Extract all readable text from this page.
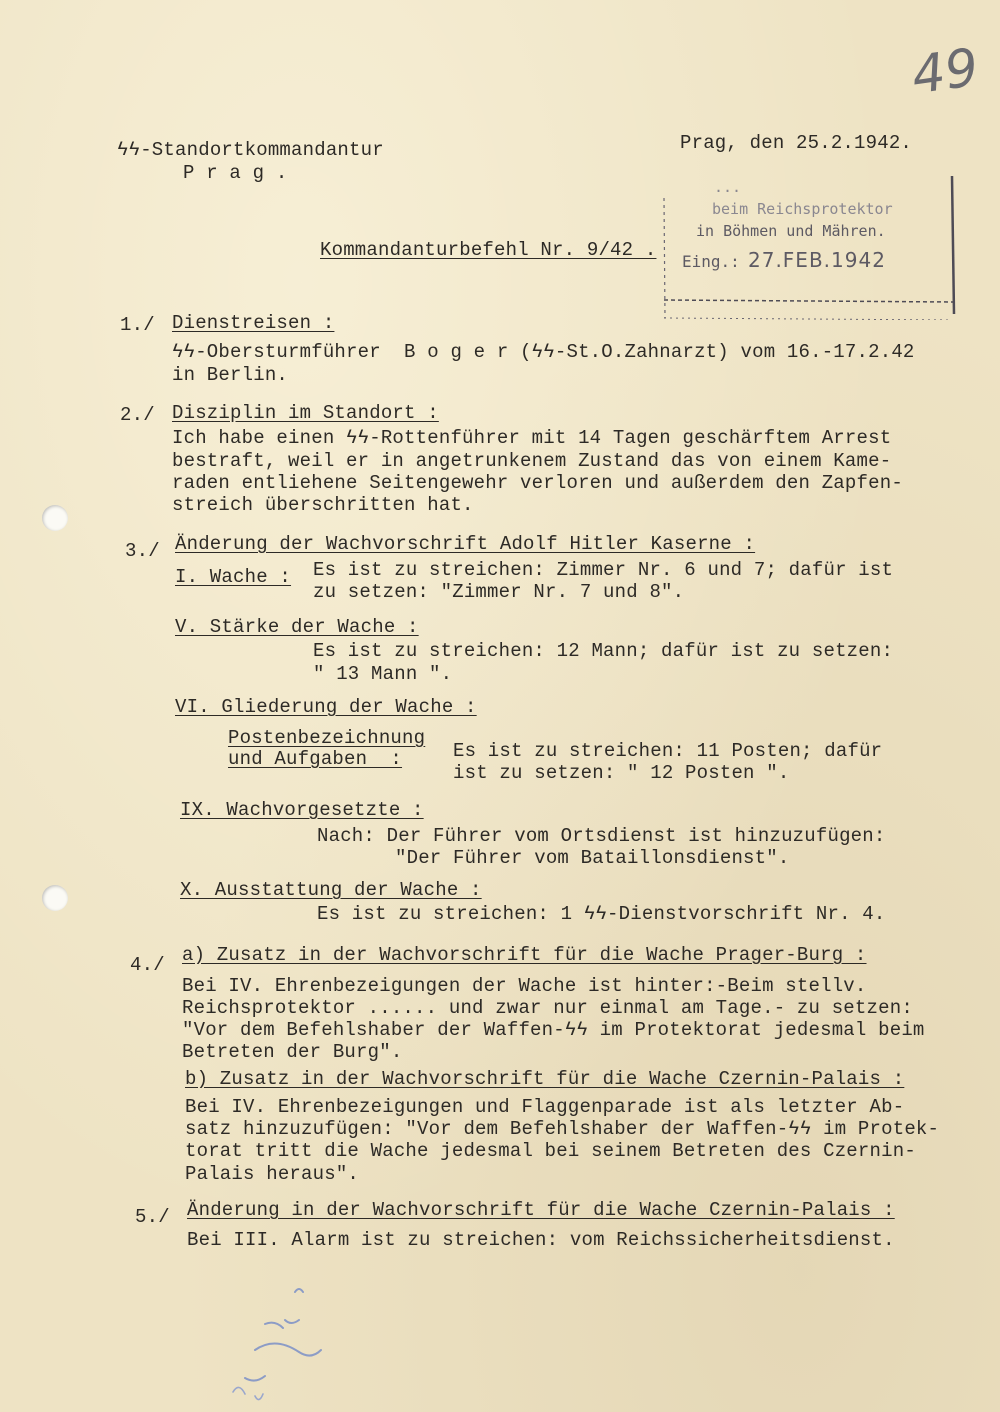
49
ϟϟ-Standortkommandantur
P r a g .
Prag, den 25.2.1942.
...
beim Reichsprotektor
in Böhmen und Mähren.
Eing.: 27.FEB.1942
Kommandanturbefehl Nr. 9/42 .
1./ Dienstreisen :
ϟϟ-Obersturmführer  B o g e r (ϟϟ-St.O.Zahnarzt) vom 16.-17.2.42
in Berlin.
2./ Disziplin im Standort :
Ich habe einen ϟϟ-Rottenführer mit 14 Tagen geschärftem Arrest
bestraft, weil er in angetrunkenem Zustand das von einem Kame-
raden entliehene Seitengewehr verloren und außerdem den Zapfen-
streich überschritten hat.
3./ Änderung der Wachvorschrift Adolf Hitler Kaserne :
I. Wache : Es ist zu streichen: Zimmer Nr. 6 und 7; dafür ist
zu setzen: "Zimmer Nr. 7 und 8".
V. Stärke der Wache :
Es ist zu streichen: 12 Mann; dafür ist zu setzen:
" 13 Mann ".
VI. Gliederung der Wache :
Postenbezeichnung
und Aufgaben  :	Es ist zu streichen: 11 Posten; dafür
ist zu setzen: " 12 Posten ".
IX. Wachvorgesetzte :
Nach: Der Führer vom Ortsdienst ist hinzuzufügen:
"Der Führer vom Bataillonsdienst".
X. Ausstattung der Wache :
Es ist zu streichen: 1 ϟϟ-Dienstvorschrift Nr. 4.
4./ a) Zusatz in der Wachvorschrift für die Wache Prager-Burg :
Bei IV. Ehrenbezeigungen der Wache ist hinter:-Beim stellv.
Reichsprotektor ...... und zwar nur einmal am Tage.- zu setzen:
"Vor dem Befehlshaber der Waffen-ϟϟ im Protektorat jedesmal beim
Betreten der Burg".
b) Zusatz in der Wachvorschrift für die Wache Czernin-Palais :
Bei IV. Ehrenbezeigungen und Flaggenparade ist als letzter Ab-
satz hinzuzufügen: "Vor dem Befehlshaber der Waffen-ϟϟ im Protek-
torat tritt die Wache jedesmal bei seinem Betreten des Czernin-
Palais heraus".
5./ Änderung in der Wachvorschrift für die Wache Czernin-Palais :
Bei III. Alarm ist zu streichen: vom Reichssicherheitsdienst.
